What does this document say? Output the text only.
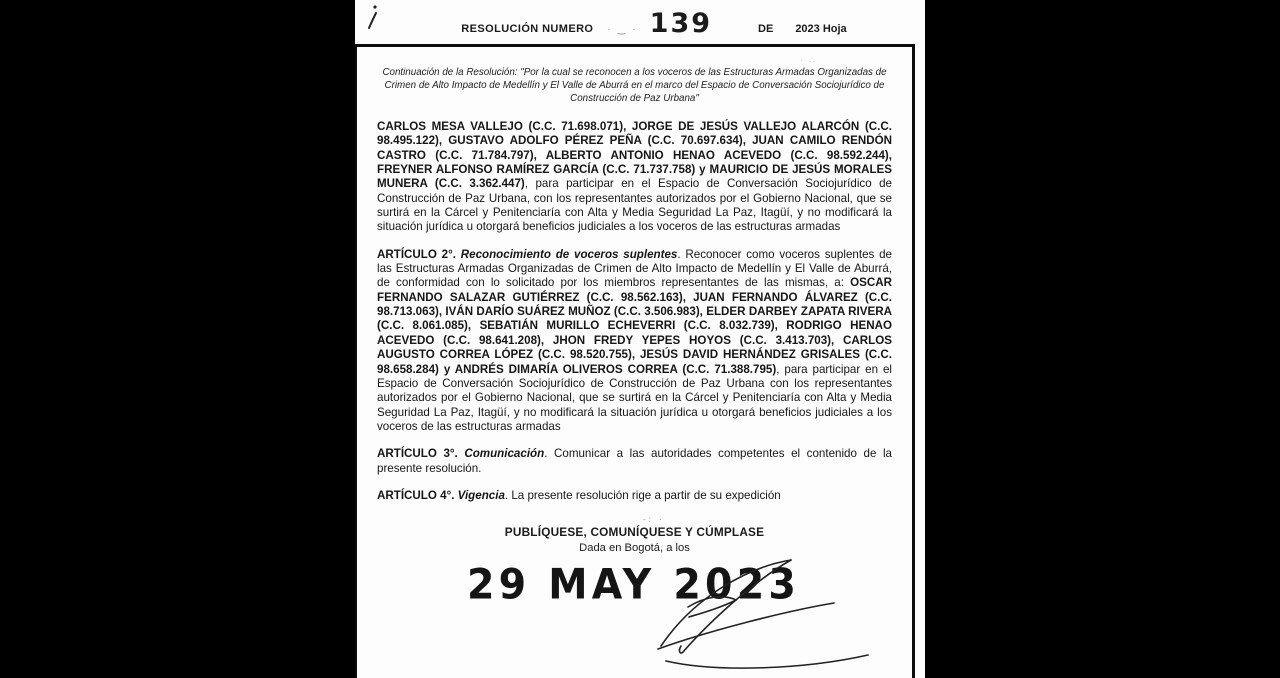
RESOLUCIÓN NUMERO · ‿ · 139	DE 2023 Hoja
· ∴
Continuación de la Resolución: "Por la cual se reconocen a los voceros de las Estructuras Armadas Organizadas de Crimen de Alto Impacto de Medellín y El Valle de Aburrá en el marco del Espacio de Conversación Sociojurídico de Construcción de Paz Urbana"

CARLOS MESA VALLEJO (C.C. 71.698.071), JORGE DE JESÚS VALLEJO ALARCÓN (C.C. 98.495.122), GUSTAVO ADOLFO PÉREZ PEÑA (C.C. 70.697.634), JUAN CAMILO RENDÓN CASTRO (C.C. 71.784.797), ALBERTO ANTONIO HENAO ACEVEDO (C.C. 98.592.244), FREYNER ALFONSO RAMÍREZ GARCÍA (C.C. 71.737.758) y MAURICIO DE JESÚS MORALES MUNERA (C.C. 3.362.447), para participar en el Espacio de Conversación Sociojurídico de Construcción de Paz Urbana, con los representantes autorizados por el Gobierno Nacional, que se surtirá en la Cárcel y Penitenciaría con Alta y Media Seguridad La Paz, Itagüí, y no modificará la situación jurídica u otorgará beneficios judiciales a los voceros de las estructuras armadas

ARTÍCULO 2°. Reconocimiento de voceros suplentes. Reconocer como voceros suplentes de las Estructuras Armadas Organizadas de Crimen de Alto Impacto de Medellín y El Valle de Aburrá, de conformidad con lo solicitado por los miembros representantes de las mismas, a: OSCAR FERNANDO SALAZAR GUTIÉRREZ (C.C. 98.562.163), JUAN FERNANDO ÁLVAREZ (C.C. 98.713.063), IVÁN DARÍO SUÁREZ MUÑOZ (C.C. 3.506.983), ELDER DARBEY ZAPATA RIVERA (C.C. 8.061.085), SEBATIÁN MURILLO ECHEVERRI (C.C. 8.032.739), RODRIGO HENAO ACEVEDO (C.C. 98.641.208), JHON FREDY YEPES HOYOS (C.C. 3.413.703), CARLOS AUGUSTO CORREA LÓPEZ (C.C. 98.520.755), JESÚS DAVID HERNÁNDEZ GRISALES (C.C. 98.658.284) y ANDRÉS DIMARÍA OLIVEROS CORREA (C.C. 71.388.795), para participar en el Espacio de Conversación Sociojurídico de Construcción de Paz Urbana con los representantes autorizados por el Gobierno Nacional, que se surtirá en la Cárcel y Penitenciaría con Alta y Media Seguridad La Paz, Itagüí, y no modificará la situación jurídica u otorgará beneficios judiciales a los voceros de las estructuras armadas

ARTÍCULO 3°. Comunicación. Comunicar a las autoridades competentes el contenido de la presente resolución.

ARTÍCULO 4°. Vigencia. La presente resolución rige a partir de su expedición

-: ·
PUBLÍQUESE, COMUNÍQUESE Y CÚMPLASE
Dada en Bogotá, a los
29 MAY 2023
